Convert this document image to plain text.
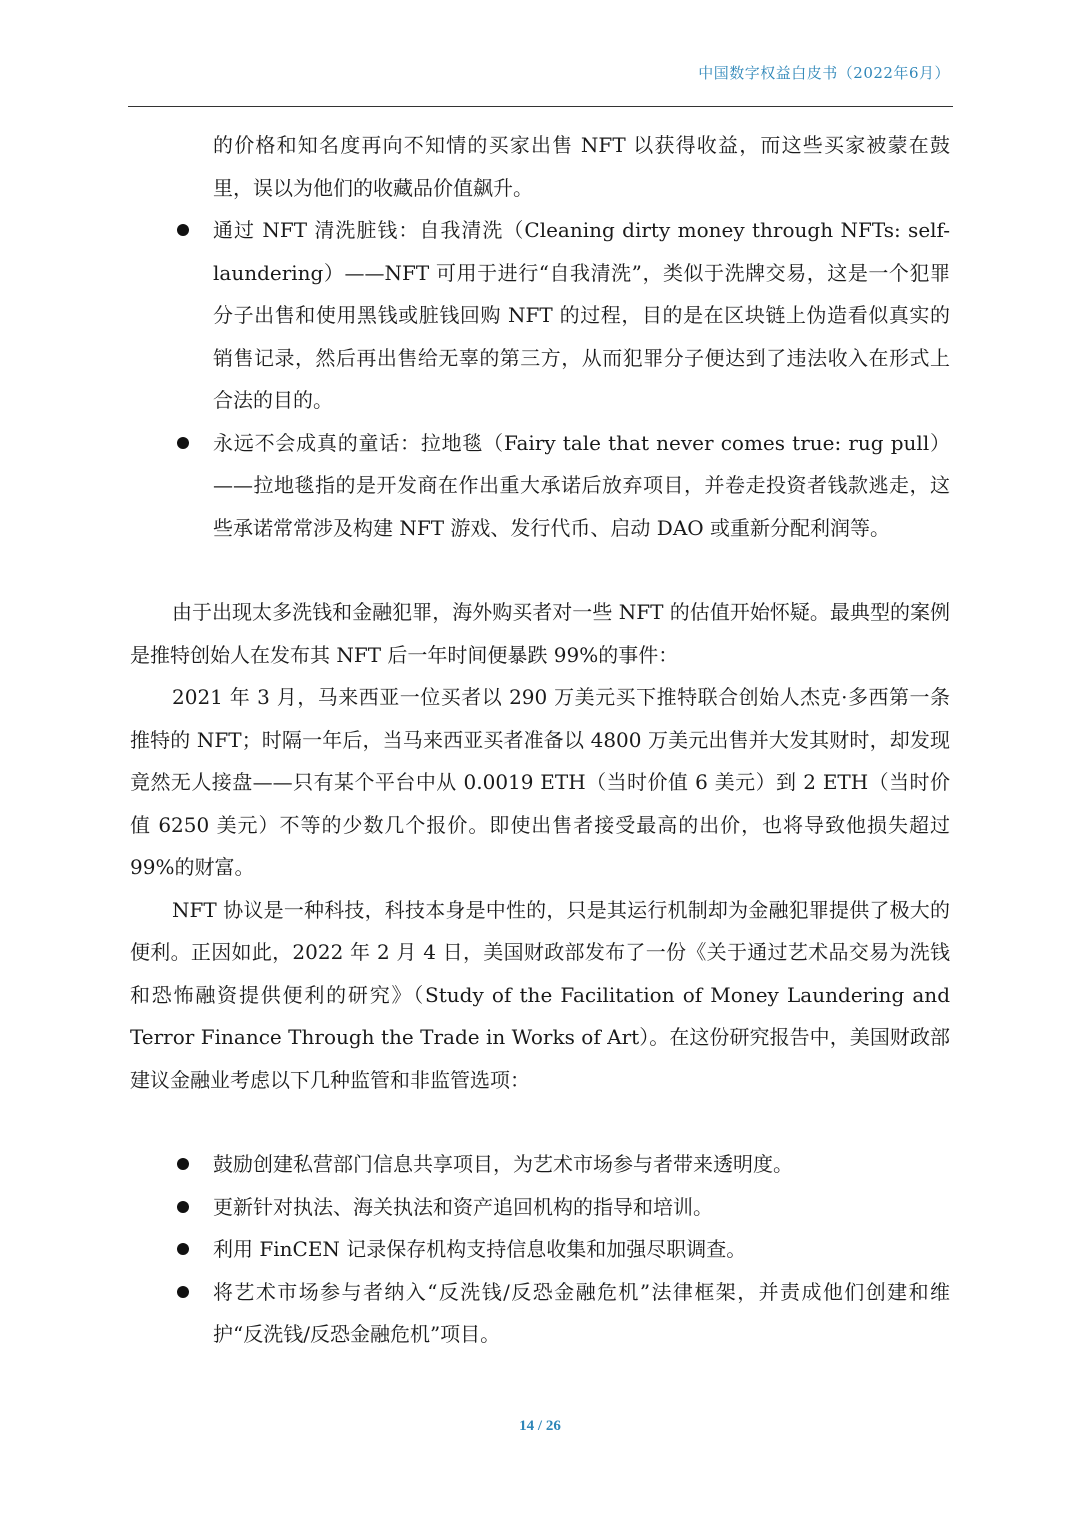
中国数字权益白皮书（2022年6月）

的价格和知名度再向不知情的买家出售 NFT 以获得收益，而这些买家被蒙在鼓里，误以为他们的收藏品价值飙升。

通过 NFT 清洗脏钱：自我清洗（Cleaning dirty money through NFTs: self-laundering）——NFT 可用于进行“自我清洗”，类似于洗牌交易，这是一个犯罪分子出售和使用黑钱或脏钱回购 NFT 的过程，目的是在区块链上伪造看似真实的销售记录，然后再出售给无辜的第三方，从而犯罪分子便达到了违法收入在形式上合法的目的。
永远不会成真的童话：拉地毯（Fairy tale that never comes true: rug pull）——拉地毯指的是开发商在作出重大承诺后放弃项目，并卷走投资者钱款逃走，这些承诺常常涉及构建 NFT 游戏、发行代币、启动 DAO 或重新分配利润等。

由于出现太多洗钱和金融犯罪，海外购买者对一些 NFT 的估值开始怀疑。最典型的案例是推特创始人在发布其 NFT 后一年时间便暴跌 99%的事件：

2021 年 3 月，马来西亚一位买者以 290 万美元买下推特联合创始人杰克·多西第一条推特的 NFT；时隔一年后，当马来西亚买者准备以 4800 万美元出售并大发其财时，却发现竟然无人接盘——只有某个平台中从 0.0019 ETH（当时价值 6 美元）到 2 ETH（当时价值 6250 美元）不等的少数几个报价。即使出售者接受最高的出价，也将导致他损失超过 99%的财富。

NFT 协议是一种科技，科技本身是中性的，只是其运行机制却为金融犯罪提供了极大的便利。正因如此，2022 年 2 月 4 日，美国财政部发布了一份《关于通过艺术品交易为洗钱和恐怖融资提供便利的研究》（Study of the Facilitation of Money Laundering and Terror Finance Through the Trade in Works of Art）。在这份研究报告中，美国财政部建议金融业考虑以下几种监管和非监管选项：

鼓励创建私营部门信息共享项目，为艺术市场参与者带来透明度。
更新针对执法、海关执法和资产追回机构的指导和培训。
利用 FinCEN 记录保存机构支持信息收集和加强尽职调查。
将艺术市场参与者纳入“反洗钱/反恐金融危机”法律框架，并责成他们创建和维护“反洗钱/反恐金融危机”项目。
14 / 26
